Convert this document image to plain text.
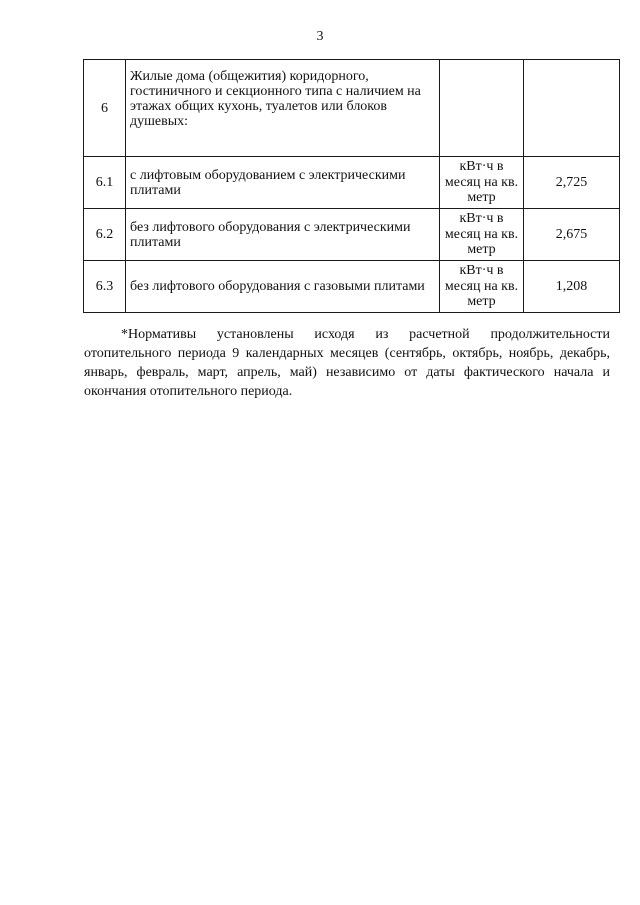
3
6	Жилые дома (общежития) коридорного, гостиничного и секционного типа с наличием на этажах общих кухонь, туалетов или блоков душевых:		
6.1	с лифтовым оборудованием с электрическими плитами	кВт·ч в месяц на кв. метр	2,725
6.2	без лифтового оборудования с электрическими плитами	кВт·ч в месяц на кв. метр	2,675
6.3	без лифтового оборудования с газовыми плитами	кВт·ч в месяц на кв. метр	1,208
*Нормативы установлены исходя из расчетной продолжительности
отопительного периода 9 календарных месяцев (сентябрь, октябрь, ноябрь, декабрь, январь, февраль, март, апрель, май) независимо от даты фактического начала и окончания отопительного периода.
